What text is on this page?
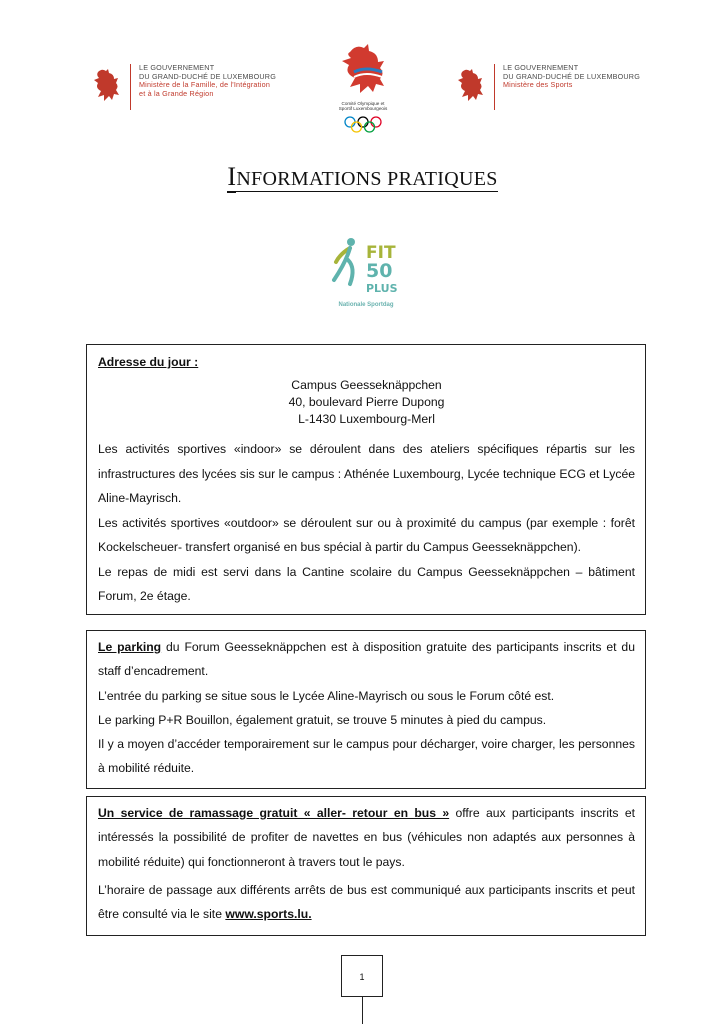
LE GOUVERNEMENT
DU GRAND-DUCHÉ DE LUXEMBOURG
Ministère de la Famille, de l'Intégration
et à la Grande Région
Comité Olympique et
Sportif Luxembourgeois
LE GOUVERNEMENT
DU GRAND-DUCHÉ DE LUXEMBOURG
Ministère des Sports
INFORMATIONS PRATIQUES
FIT
50
PLUS
Nationale Sportdag

Adresse du jour :

Campus Geesseknäppchen

40, boulevard Pierre Dupong

L-1430 Luxembourg-Merl

Les activités sportives «indoor» se déroulent dans des ateliers spécifiques répartis sur les infrastructures des lycées sis sur le campus : Athénée Luxembourg, Lycée technique ECG et Lycée Aline-Mayrisch.

Les activités sportives «outdoor» se déroulent sur ou à proximité du campus (par exemple : forêt Kockelscheuer- transfert organisé en bus spécial à partir du Campus Geesseknäppchen).

Le repas de midi est servi dans la Cantine scolaire du Campus Geesseknäppchen – bâtiment Forum, 2e étage.

Le parking du Forum Geesseknäppchen est à disposition gratuite des participants inscrits et du staff d’encadrement.

L’entrée du parking se situe sous le Lycée Aline-Mayrisch ou sous le Forum côté est.

Le parking P+R Bouillon, également gratuit, se trouve 5 minutes à pied du campus.

Il y a moyen d’accéder temporairement sur le campus pour décharger, voire charger, les personnes à mobilité réduite.

Un service de ramassage gratuit « aller- retour en bus » offre aux participants inscrits et intéressés la possibilité de profiter de navettes en bus (véhicules non adaptés aux personnes à mobilité réduite) qui fonctionneront à travers tout le pays.

L’horaire de passage aux différents arrêts de bus est communiqué aux participants inscrits et peut être consulté via le site www.sports.lu.

1
